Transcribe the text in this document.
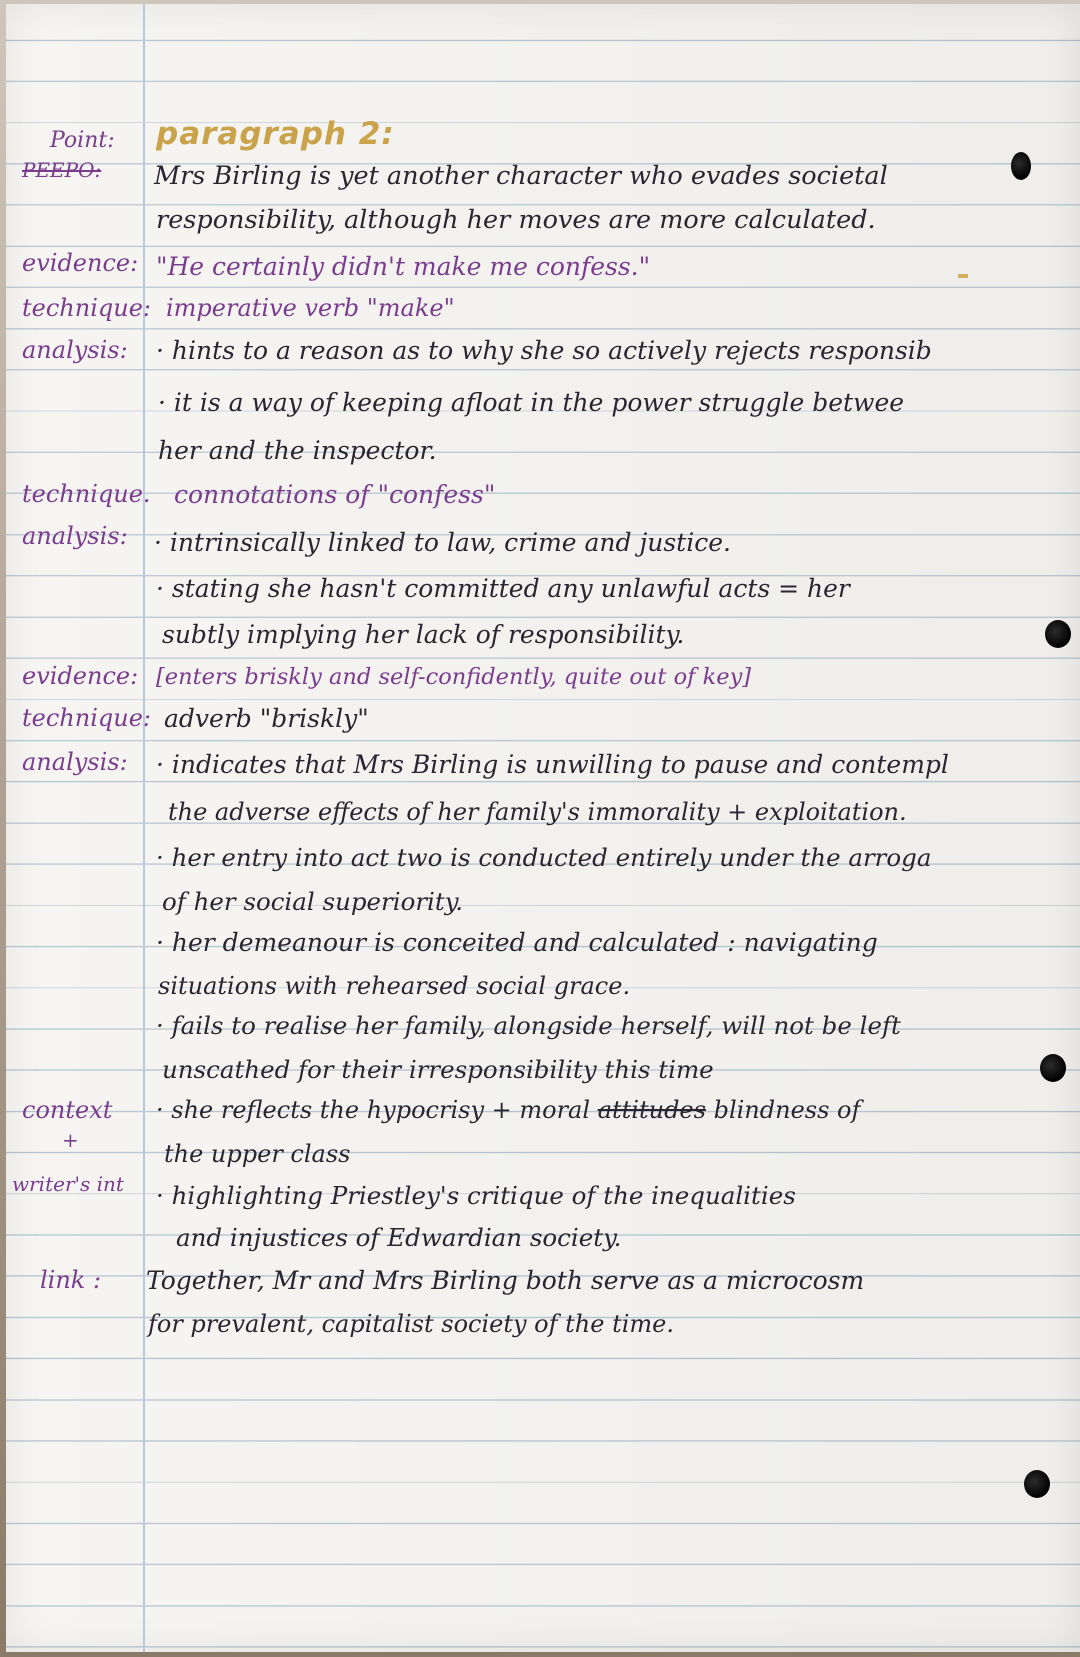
paragraph 2:
Point:
PEEPO: Mrs Birling is yet another character who evades societal
responsibility, although her moves are more calculated.
evidence: "He certainly didn't make me confess."
technique: imperative verb "make"
analysis: · hints to a reason as to why she so actively rejects responsib
· it is a way of keeping afloat in the power struggle betwee
her and the inspector.
technique. connotations of "confess"
analysis: · intrinsically linked to law, crime and justice.
· stating she hasn't committed any unlawful acts = her
subtly implying her lack of responsibility.
evidence: [enters briskly and self-confidently, quite out of key]
technique: adverb "briskly"
analysis: · indicates that Mrs Birling is unwilling to pause and contempl
the adverse effects of her family's immorality + exploitation.
· her entry into act two is conducted entirely under the arroga
of her social superiority.
· her demeanour is conceited and calculated : navigating
situations with rehearsed social grace.
· fails to realise her family, alongside herself, will not be left
unscathed for their irresponsibility this time
context
+
· she reflects the hypocrisy + moral attitudes blindness of
the upper class
writer's int · highlighting Priestley's critique of the inequalities
and injustices of Edwardian society.
link : Together, Mr and Mrs Birling both serve as a microcosm
for prevalent, capitalist society of the time.
